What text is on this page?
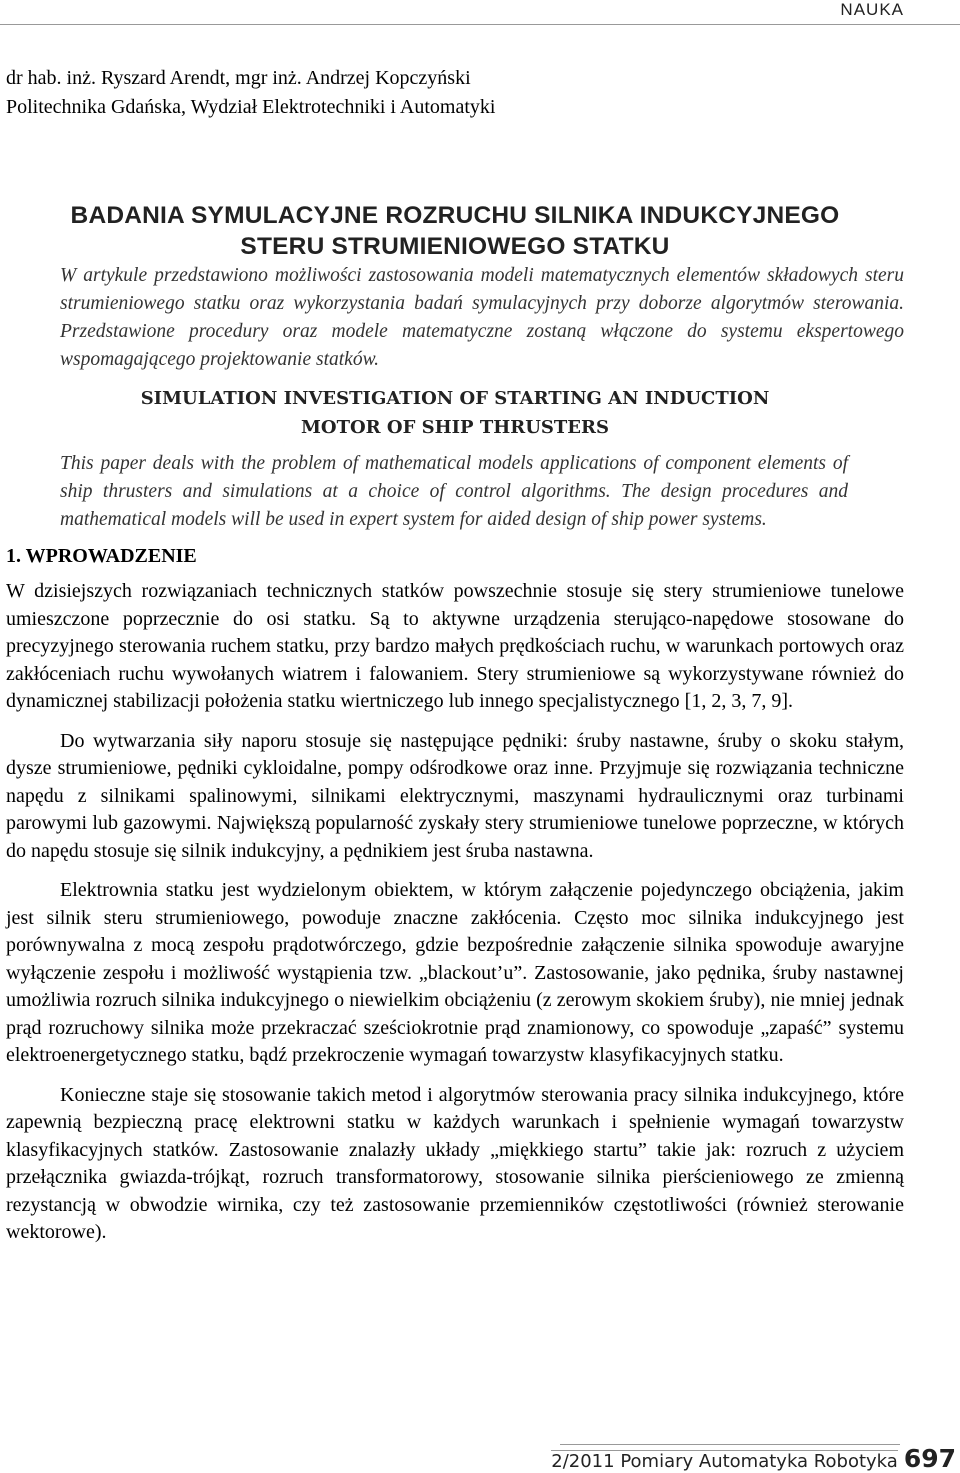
NAUKA
dr hab. inż. Ryszard Arendt, mgr inż. Andrzej Kopczyński
Politechnika Gdańska, Wydział Elektrotechniki i Automatyki
BADANIA SYMULACYJNE ROZRUCHU SILNIKA INDUKCYJNEGO
STERU STRUMIENIOWEGO STATKU

W artykule przedstawiono możliwości zastosowania modeli matematycznych elementów składowych steru strumieniowego statku oraz wykorzystania badań symulacyjnych przy doborze algorytmów sterowania. Przedstawione procedury oraz modele matematyczne zostaną włączone do systemu ekspertowego wspomagającego projektowanie statków.

SIMULATION INVESTIGATION OF STARTING AN INDUCTION
MOTOR OF SHIP THRUSTERS

This paper deals with the problem of mathematical models applications of component elements of ship thrusters and simulations at a choice of control algorithms. The design procedures and mathematical models will be used in expert system for aided design of ship power systems.

1. WPROWADZENIE

W dzisiejszych rozwiązaniach technicznych statków powszechnie stosuje się stery strumieniowe tunelowe umieszczone poprzecznie do osi statku. Są to aktywne urządzenia sterująco-napędowe stosowane do precyzyjnego sterowania ruchem statku, przy bardzo małych prędkościach ruchu, w warunkach portowych oraz zakłóceniach ruchu wywołanych wiatrem i falowaniem. Stery strumieniowe są wykorzystywane również do dynamicznej stabilizacji położenia statku wiertniczego lub innego specjalistycznego [1, 2, 3, 7, 9].

Do wytwarzania siły naporu stosuje się następujące pędniki: śruby nastawne, śruby o skoku stałym, dysze strumieniowe, pędniki cykloidalne, pompy odśrodkowe oraz inne. Przyjmuje się rozwiązania techniczne napędu z silnikami spalinowymi, silnikami elektrycznymi, maszynami hydraulicznymi oraz turbinami parowymi lub gazowymi. Największą popularność zyskały stery strumieniowe tunelowe poprzeczne, w których do napędu stosuje się silnik indukcyjny, a pędnikiem jest śruba nastawna.

Elektrownia statku jest wydzielonym obiektem, w którym załączenie pojedynczego obciążenia, jakim jest silnik steru strumieniowego, powoduje znaczne zakłócenia. Często moc silnika indukcyjnego jest porównywalna z mocą zespołu prądotwórczego, gdzie bezpośrednie załączenie silnika spowoduje awaryjne wyłączenie zespołu i możliwość wystąpienia tzw. „blackout’u”. Zastosowanie, jako pędnika, śruby nastawnej umożliwia rozruch silnika indukcyjnego o niewielkim obciążeniu (z zerowym skokiem śruby), nie mniej jednak prąd rozruchowy silnika może przekraczać sześciokrotnie prąd znamionowy, co spowoduje „zapaść” systemu elektroenergetycznego statku, bądź przekroczenie wymagań towarzystw klasyfikacyjnych statku.

Konieczne staje się stosowanie takich metod i algorytmów sterowania pracy silnika indukcyjnego, które zapewnią bezpieczną pracę elektrowni statku w każdych warunkach i spełnienie wymagań towarzystw klasyfikacyjnych statków. Zastosowanie znalazły układy „miękkiego startu” takie jak: rozruch z użyciem przełącznika gwiazda-trójkąt, rozruch transformatorowy, stosowanie silnika pierścieniowego ze zmienną rezystancją w obwodzie wirnika, czy też zastosowanie przemienników częstotliwości (również sterowanie wektorowe).

2/2011 Pomiary Automatyka Robotyka 697
